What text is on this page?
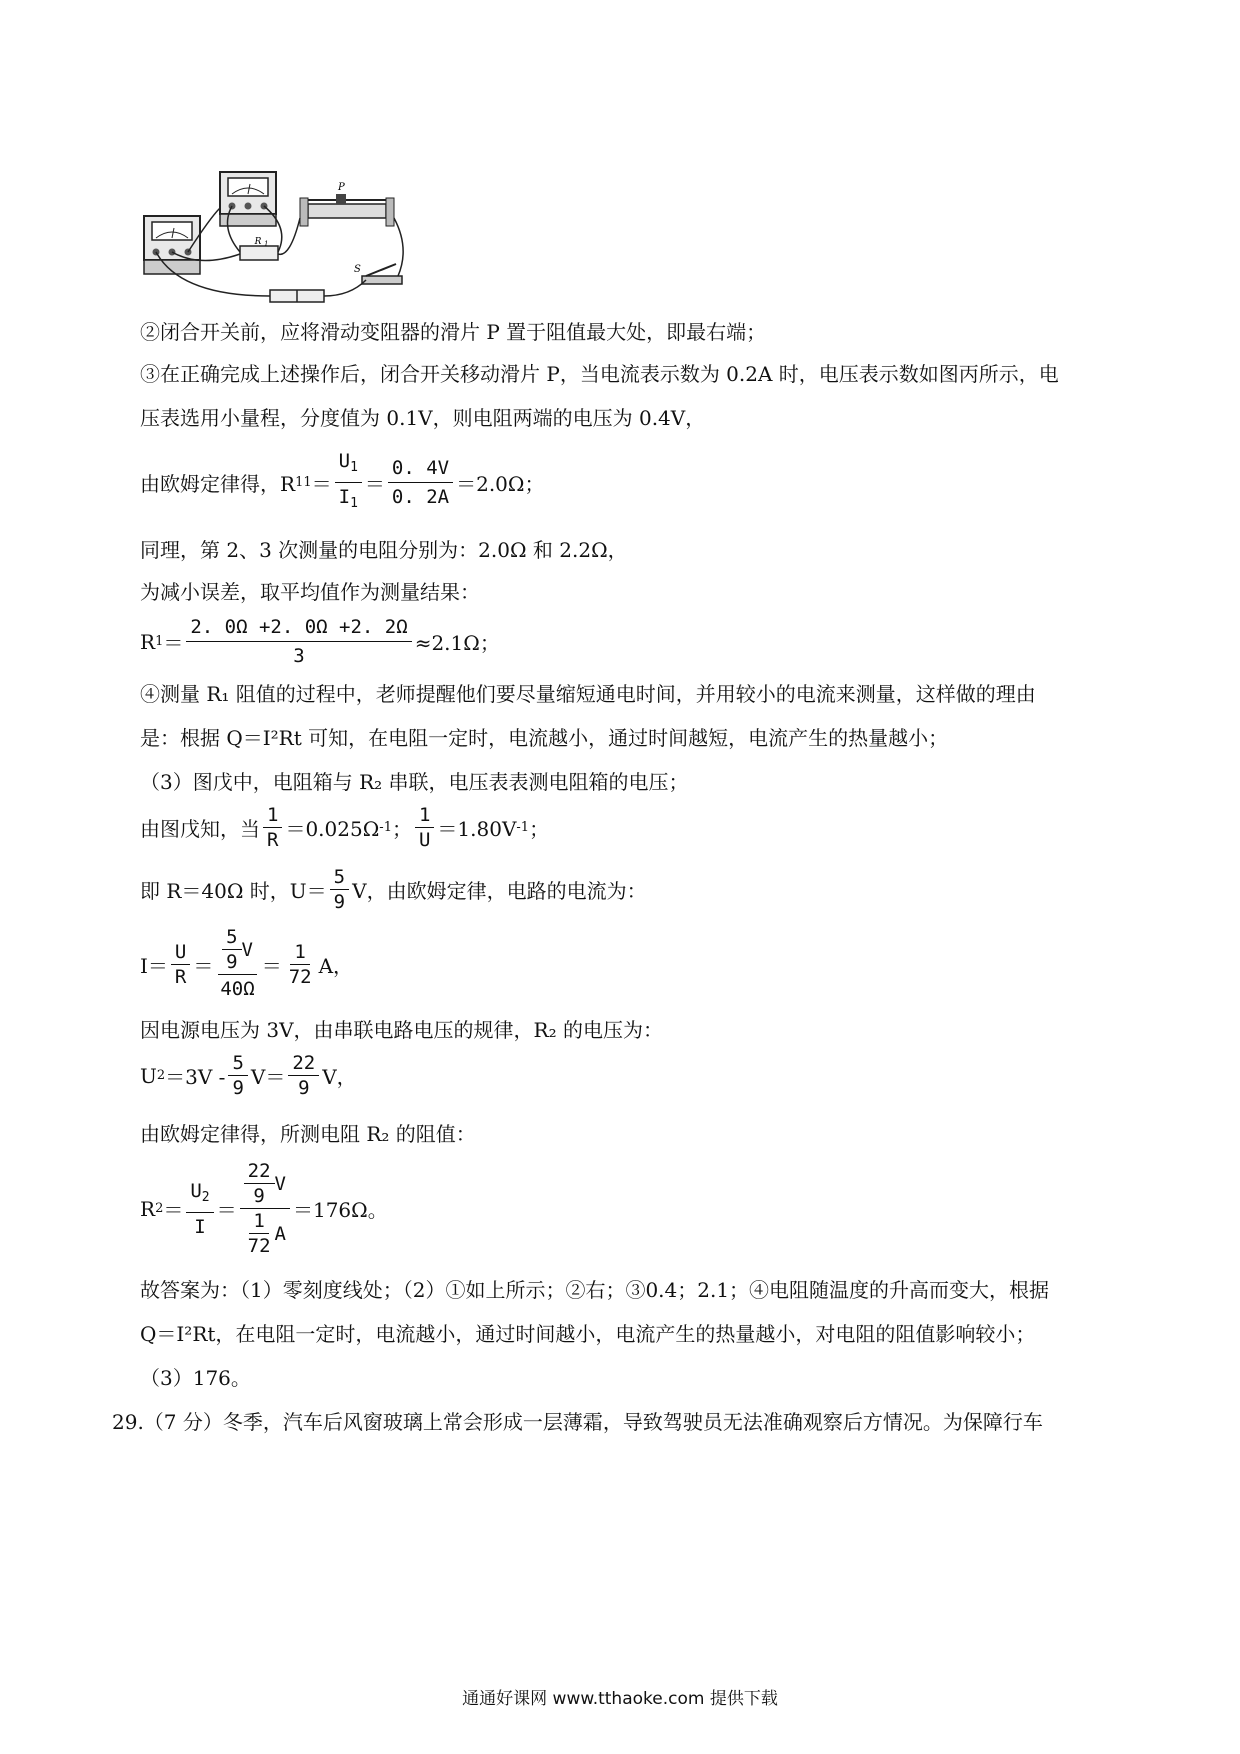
R 1
P
S
②闭合开关前，应将滑动变阻器的滑片 P 置于阻值最大处，即最右端；
③在正确完成上述操作后，闭合开关移动滑片 P，当电流表示数为 0.2A 时，电压表示数如图丙所示，电
压表选用小量程，分度值为 0.1V，则电阻两端的电压为 0.4V，
由欧姆定律得，R $11 = \frac{U_1}{I_1} = \frac{0. 4V}{0. 2A} =2.0\Omega$；
同理，第 2、3 次测量的电阻分别为：2.0Ω 和 2.2Ω，
为减小误差，取平均值作为测量结果：
R $1 = \frac{2. 0\Omega +2. 0\Omega +2. 2\Omega}{3} \approx 2.1\Omega$；
④测量 R₁ 阻值的过程中，老师提醒他们要尽量缩短通电时间，并用较小的电流来测量，这样做的理由
是：根据 Q＝I²Rt 可知，在电阻一定时，电流越小，通过时间越短，电流产生的热量越小；
（3）图戊中，电阻箱与 R₂ 串联，电压表表测电阻箱的电压；
由图戊知，当 $\frac{1}{R} =0.025\Omega$ -1 ； $\frac{1}{U} =1.80V$ -1 ；
即 R＝40Ω 时，$U= \frac{5}{9}$ V，由欧姆定律，电路的电流为：
$I= \frac{U}{R} = \frac{\frac{5}{9} V}{40\Omega} = \frac{1}{72}$ A，
因电源电压为 3V，由串联电路电压的规律，R₂ 的电压为：
U $2 =3V - \frac{5}{9} V= \frac{22}{9}$ V，
由欧姆定律得，所测电阻 R₂ 的阻值：
R $2 = \frac{U_2}{I} = \frac{\frac{22}{9} V}{\frac{1}{72} A} =176\Omega$。
故答案为：（1）零刻度线处；（2）①如上所示；②右；③0.4；2.1；④电阻随温度的升高而变大，根据
Q＝I²Rt，在电阻一定时，电流越小，通过时间越小，电流产生的热量越小，对电阻的阻值影响较小；
（3）176。
29.（7 分）冬季，汽车后风窗玻璃上常会形成一层薄霜，导致驾驶员无法准确观察后方情况。为保障行车
通通好课网 www.tthaoke.com 提供下载
